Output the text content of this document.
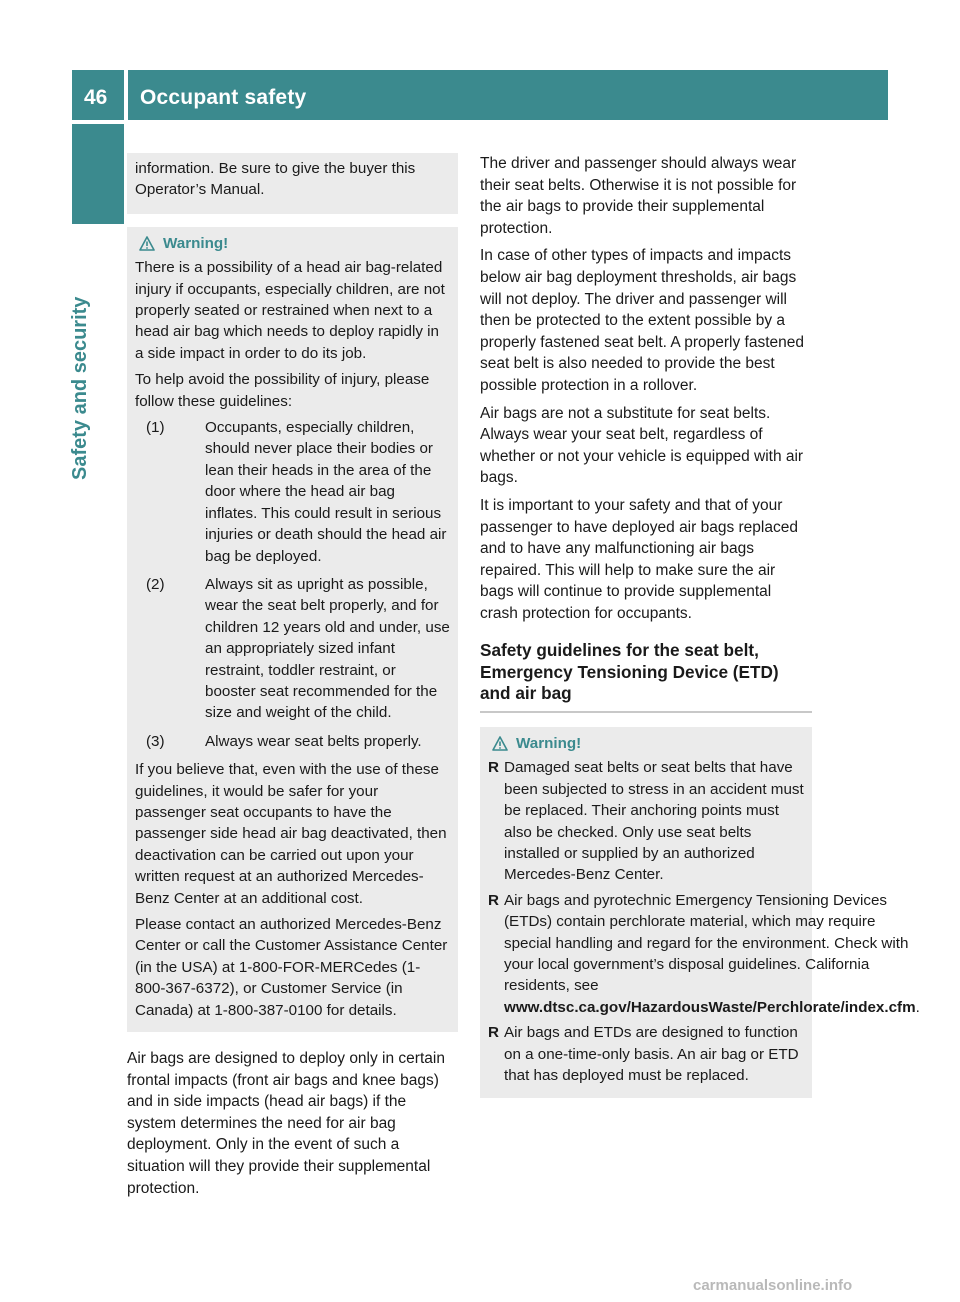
46 Occupant safety
Safety and security

information. Be sure to give the buyer this Operator’s Manual.

Warning!

There is a possibility of a head air bag-related injury if occupants, especially children, are not properly seated or restrained when next to a head air bag which needs to deploy rapidly in a side impact in order to do its job.

To help avoid the possibility of injury, please follow these guidelines:

(1)	Occupants, especially children, should never place their bodies or lean their heads in the area of the door where the head air bag inflates. This could result in serious injuries or death should the head air bag be deployed.
(2)	Always sit as upright as possible, wear the seat belt properly, and for children 12 years old and under, use an appropriately sized infant restraint, toddler restraint, or booster seat recommended for the size and weight of the child.
(3)	Always wear seat belts properly.

If you believe that, even with the use of these guidelines, it would be safer for your passenger seat occupants to have the passenger side head air bag deactivated, then deactivation can be carried out upon your written request at an authorized Mercedes-Benz Center at an additional cost.

Please contact an authorized Mercedes-Benz Center or call the Customer Assistance Center (in the USA) at 1-800-FOR-MERCedes (1-800-367-6372), or Customer Service (in Canada) at 1-800-387-0100 for details.

Air bags are designed to deploy only in certain frontal impacts (front air bags and knee bags) and in side impacts (head air bags) if the system determines the need for air bag deployment. Only in the event of such a situation will they provide their supplemental protection.

The driver and passenger should always wear their seat belts. Otherwise it is not possible for the air bags to provide their supplemental protection.

In case of other types of impacts and impacts below air bag deployment thresholds, air bags will not deploy. The driver and passenger will then be protected to the extent possible by a properly fastened seat belt. A properly fastened seat belt is also needed to provide the best possible protection in a rollover.

Air bags are not a substitute for seat belts. Always wear your seat belt, regardless of whether or not your vehicle is equipped with air bags.

It is important to your safety and that of your passenger to have deployed air bags replaced and to have any malfunctioning air bags repaired. This will help to make sure the air bags will continue to provide supplemental crash protection for occupants.

Safety guidelines for the seat belt, Emergency Tensioning Device (ETD) and air bag
Warning!
R Damaged seat belts or seat belts that have been subjected to stress in an accident must be replaced. Their anchoring points must also be checked. Only use seat belts installed or supplied by an authorized Mercedes-Benz Center.
R Air bags and pyrotechnic Emergency Tensioning Devices (ETDs) contain perchlorate material, which may require special handling and regard for the environment. Check with your local government’s disposal guidelines. California residents, see www.dtsc.ca.gov/HazardousWaste/Perchlorate/index.cfm.
R Air bags and ETDs are designed to function on a one-time-only basis. An air bag or ETD that has deployed must be replaced.
carmanualsonline.info
